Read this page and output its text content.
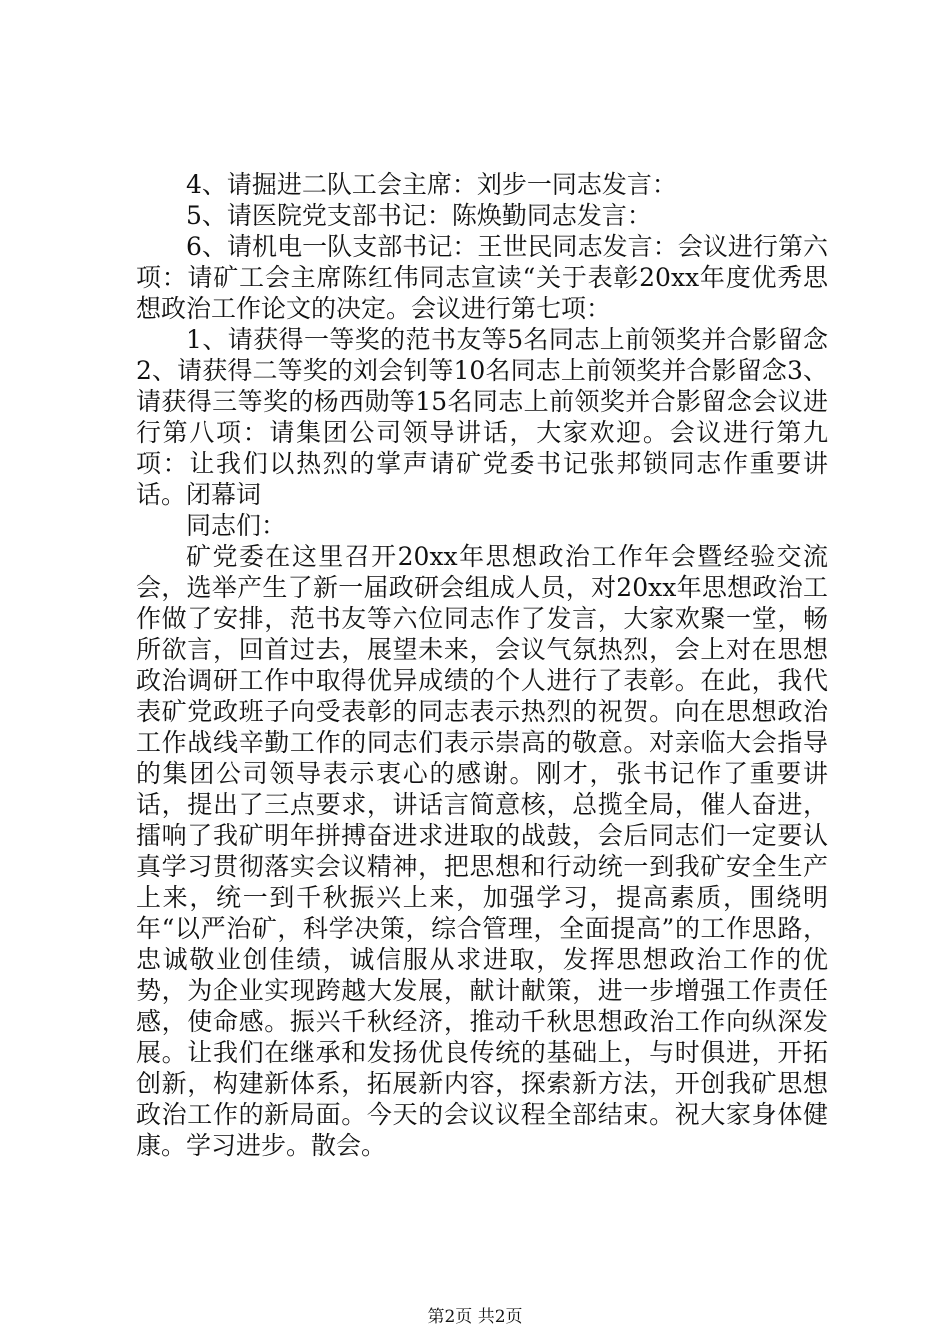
4、请掘进二队工会主席：刘步一同志发言：

5、请医院党支部书记：陈焕勤同志发言：

6、请机电一队支部书记：王世民同志发言：会议进行第六项：请矿工会主席陈红伟同志宣读“关于表彰20xx年度优秀思想政治工作论文的决定。会议进行第七项：

1、请获得一等奖的范书友等5名同志上前领奖并合影留念2、请获得二等奖的刘会钊等10名同志上前领奖并合影留念3、请获得三等奖的杨西勋等15名同志上前领奖并合影留念会议进行第八项：请集团公司领导讲话，大家欢迎。会议进行第九项：让我们以热烈的掌声请矿党委书记张邦锁同志作重要讲话。闭幕词

同志们：

矿党委在这里召开20xx年思想政治工作年会暨经验交流会，选举产生了新一届政研会组成人员，对20xx年思想政治工作做了安排，范书友等六位同志作了发言，大家欢聚一堂，畅所欲言，回首过去，展望未来，会议气氛热烈，会上对在思想政治调研工作中取得优异成绩的个人进行了表彰。在此，我代表矿党政班子向受表彰的同志表示热烈的祝贺。向在思想政治工作战线辛勤工作的同志们表示崇高的敬意。对亲临大会指导的集团公司领导表示衷心的感谢。刚才，张书记作了重要讲话，提出了三点要求，讲话言简意核，总揽全局，催人奋进，擂响了我矿明年拼搏奋进求进取的战鼓，会后同志们一定要认真学习贯彻落实会议精神，把思想和行动统一到我矿安全生产上来，统一到千秋振兴上来，加强学习，提高素质，围绕明年“以严治矿，科学决策，综合管理，全面提高”的工作思路，忠诚敬业创佳绩，诚信服从求进取，发挥思想政治工作的优势，为企业实现跨越大发展，献计献策，进一步增强工作责任感，使命感。振兴千秋经济，推动千秋思想政治工作向纵深发展。让我们在继承和发扬优良传统的基础上，与时俱进，开拓创新，构建新体系，拓展新内容，探索新方法，开创我矿思想政治工作的新局面。今天的会议议程全部结束。祝大家身体健康。学习进步。散会。

第2页 共2页
